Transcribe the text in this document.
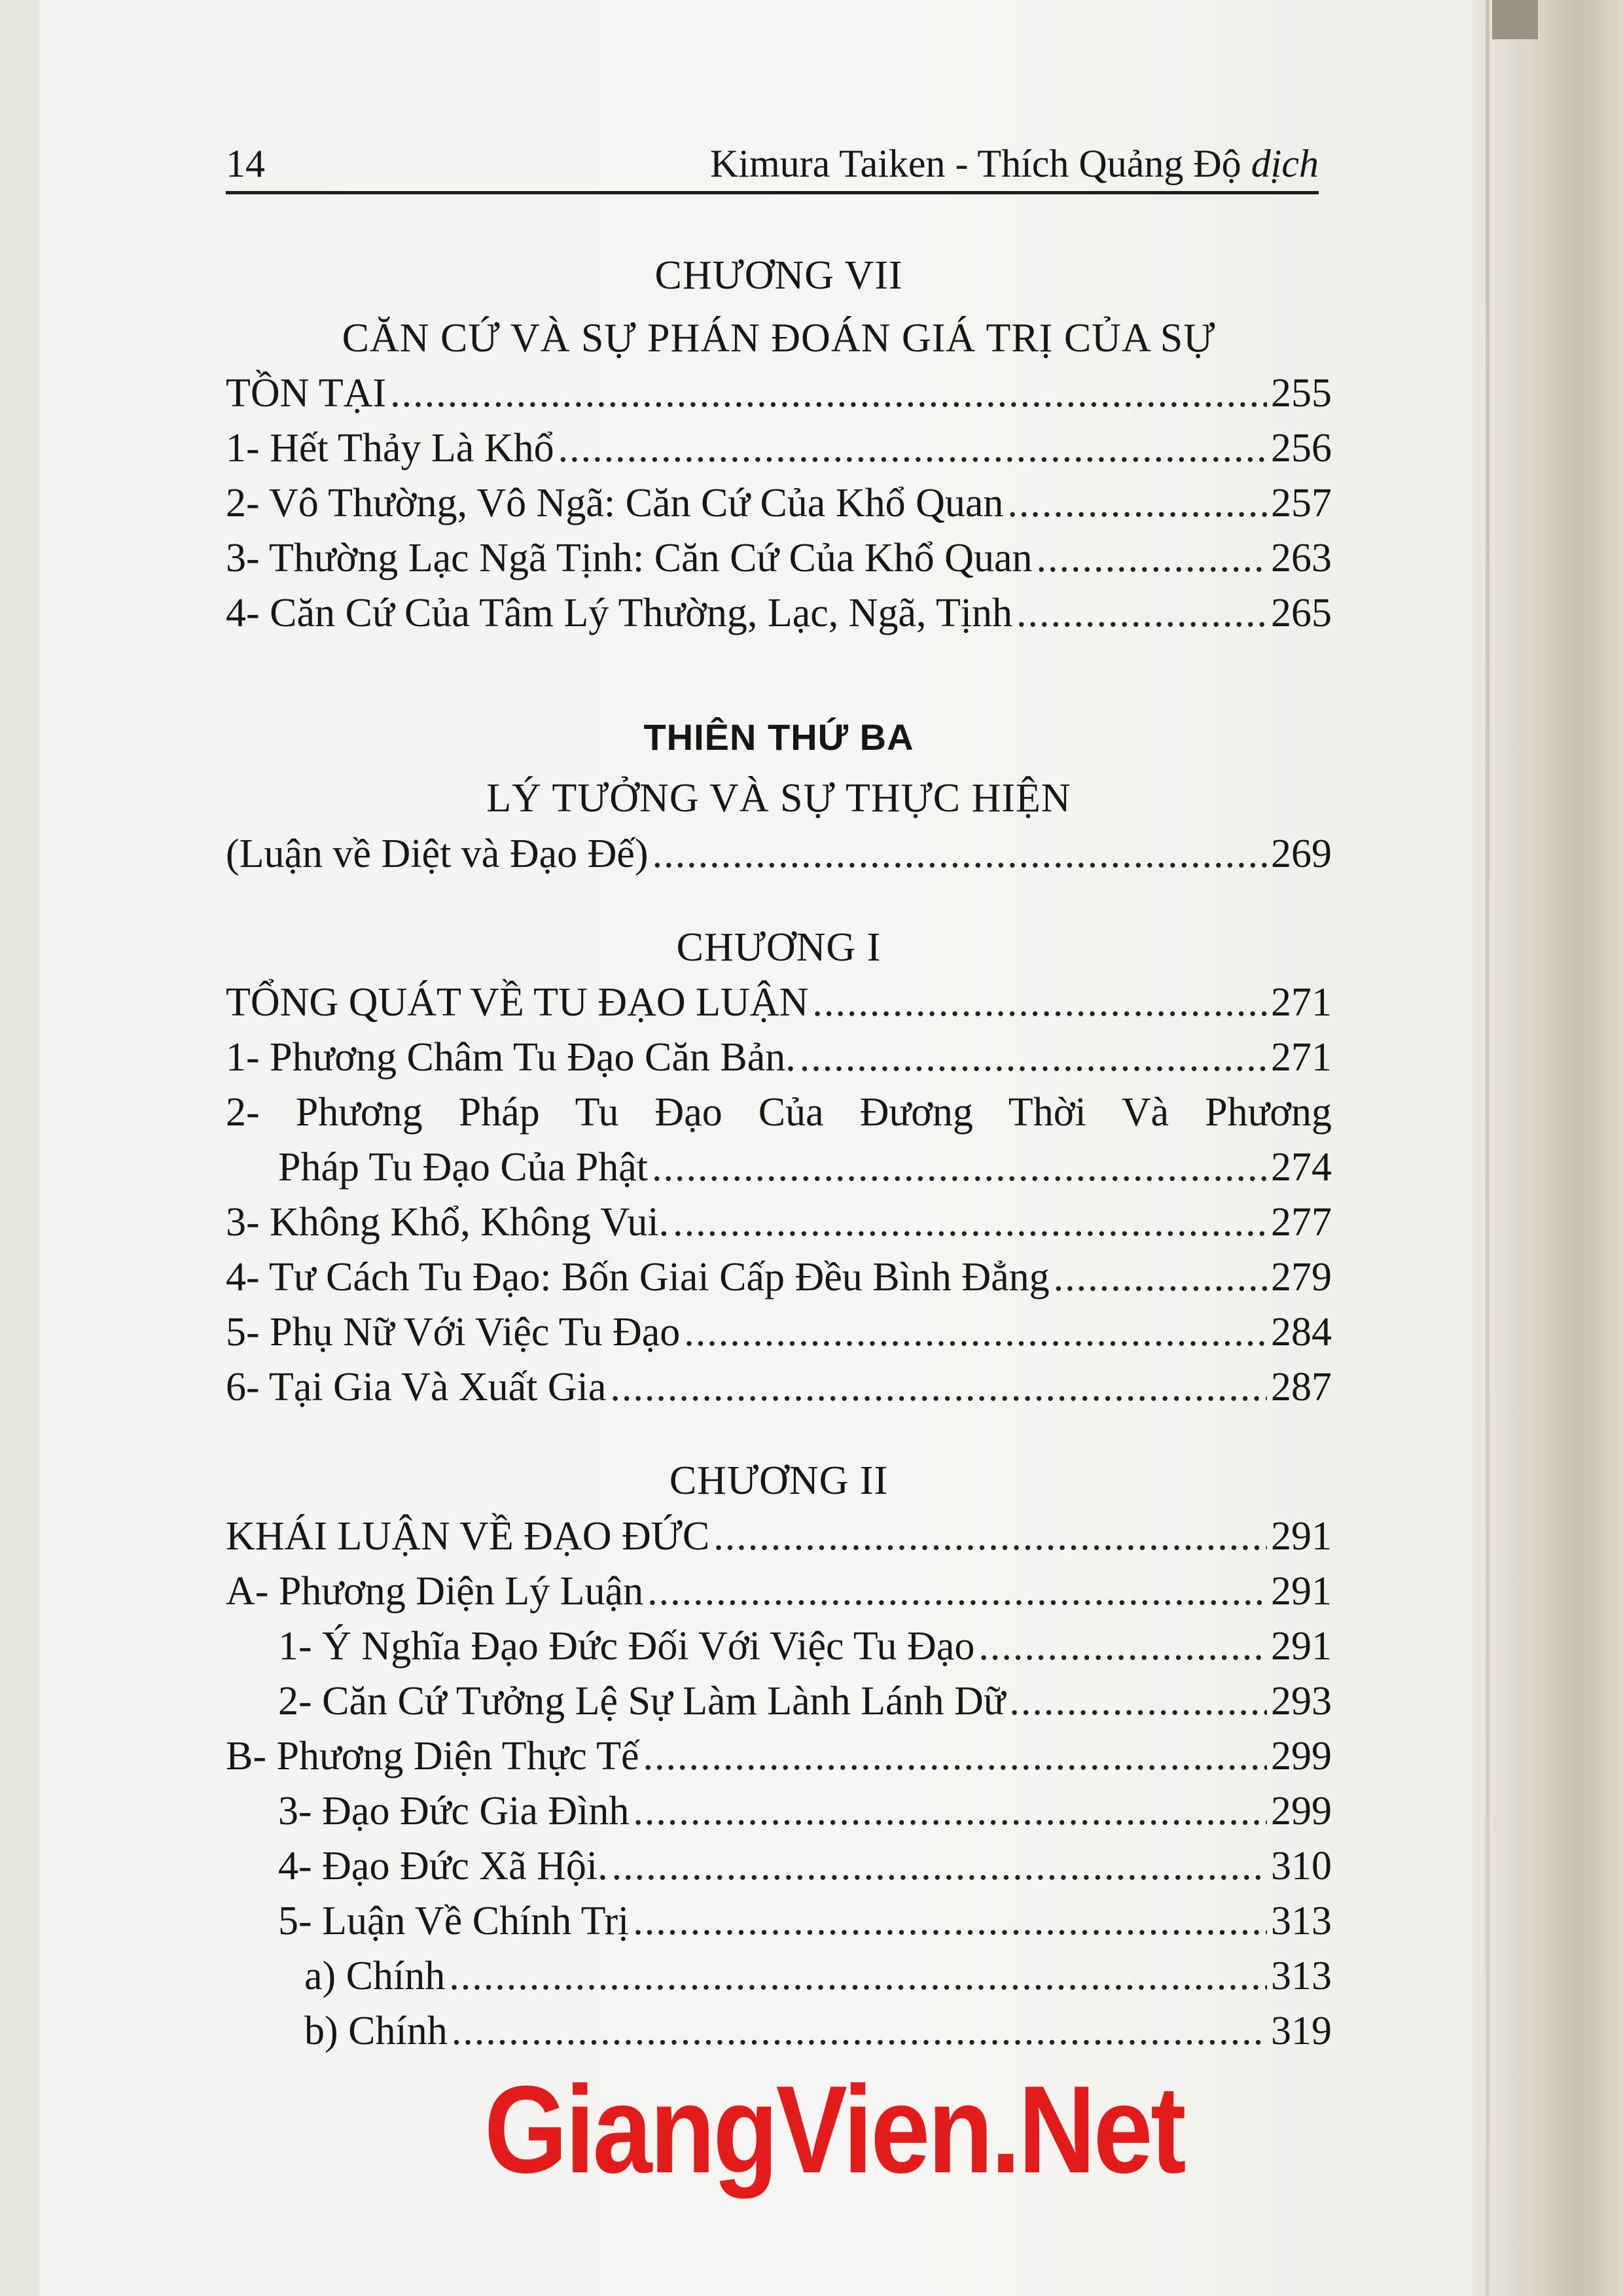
14	Kimura Taiken - Thích Quảng Độ dịch
CHƯƠNG VII
CĂN CỨ VÀ SỰ PHÁN ĐOÁN GIÁ TRỊ CỦA SỰ
TỒN TẠI .....	255
1- Hết Thảy Là Khổ .....	256
2- Vô Thường, Vô Ngã: Căn Cứ Của Khổ Quan .....	257
3- Thường Lạc Ngã Tịnh: Căn Cứ Của Khổ Quan .....	263
4- Căn Cứ Của Tâm Lý Thường, Lạc, Ngã, Tịnh .....	265
THIÊN THỨ BA
LÝ TƯỞNG VÀ SỰ THỰC HIỆN
(Luận về Diệt và Đạo Đế) .....	269
CHƯƠNG I
TỔNG QUÁT VỀ TU ĐẠO LUẬN .....	271
1- Phương Châm Tu Đạo Căn Bản. .....	271
2- Phương Pháp Tu Đạo Của Đương Thời Và Phương
Pháp Tu Đạo Của Phật .....	274
3- Không Khổ, Không Vui. .....	277
4- Tư Cách Tu Đạo: Bốn Giai Cấp Đều Bình Đẳng .....	279
5- Phụ Nữ Với Việc Tu Đạo .....	284
6- Tại Gia Và Xuất Gia .....	287
CHƯƠNG II
KHÁI LUẬN VỀ ĐẠO ĐỨC .....	291
A- Phương Diện Lý Luận .....	291
1- Ý Nghĩa Đạo Đức Đối Với Việc Tu Đạo .....	291
2- Căn Cứ Tưởng Lệ Sự Làm Lành Lánh Dữ .....	293
B- Phương Diện Thực Tế .....	299
3- Đạo Đức Gia Đình .....	299
4- Đạo Đức Xã Hội. .....	310
5- Luận Về Chính Trị .....	313
a) Chính .....	313
b) Chính .....	319
GiangVien.Net
